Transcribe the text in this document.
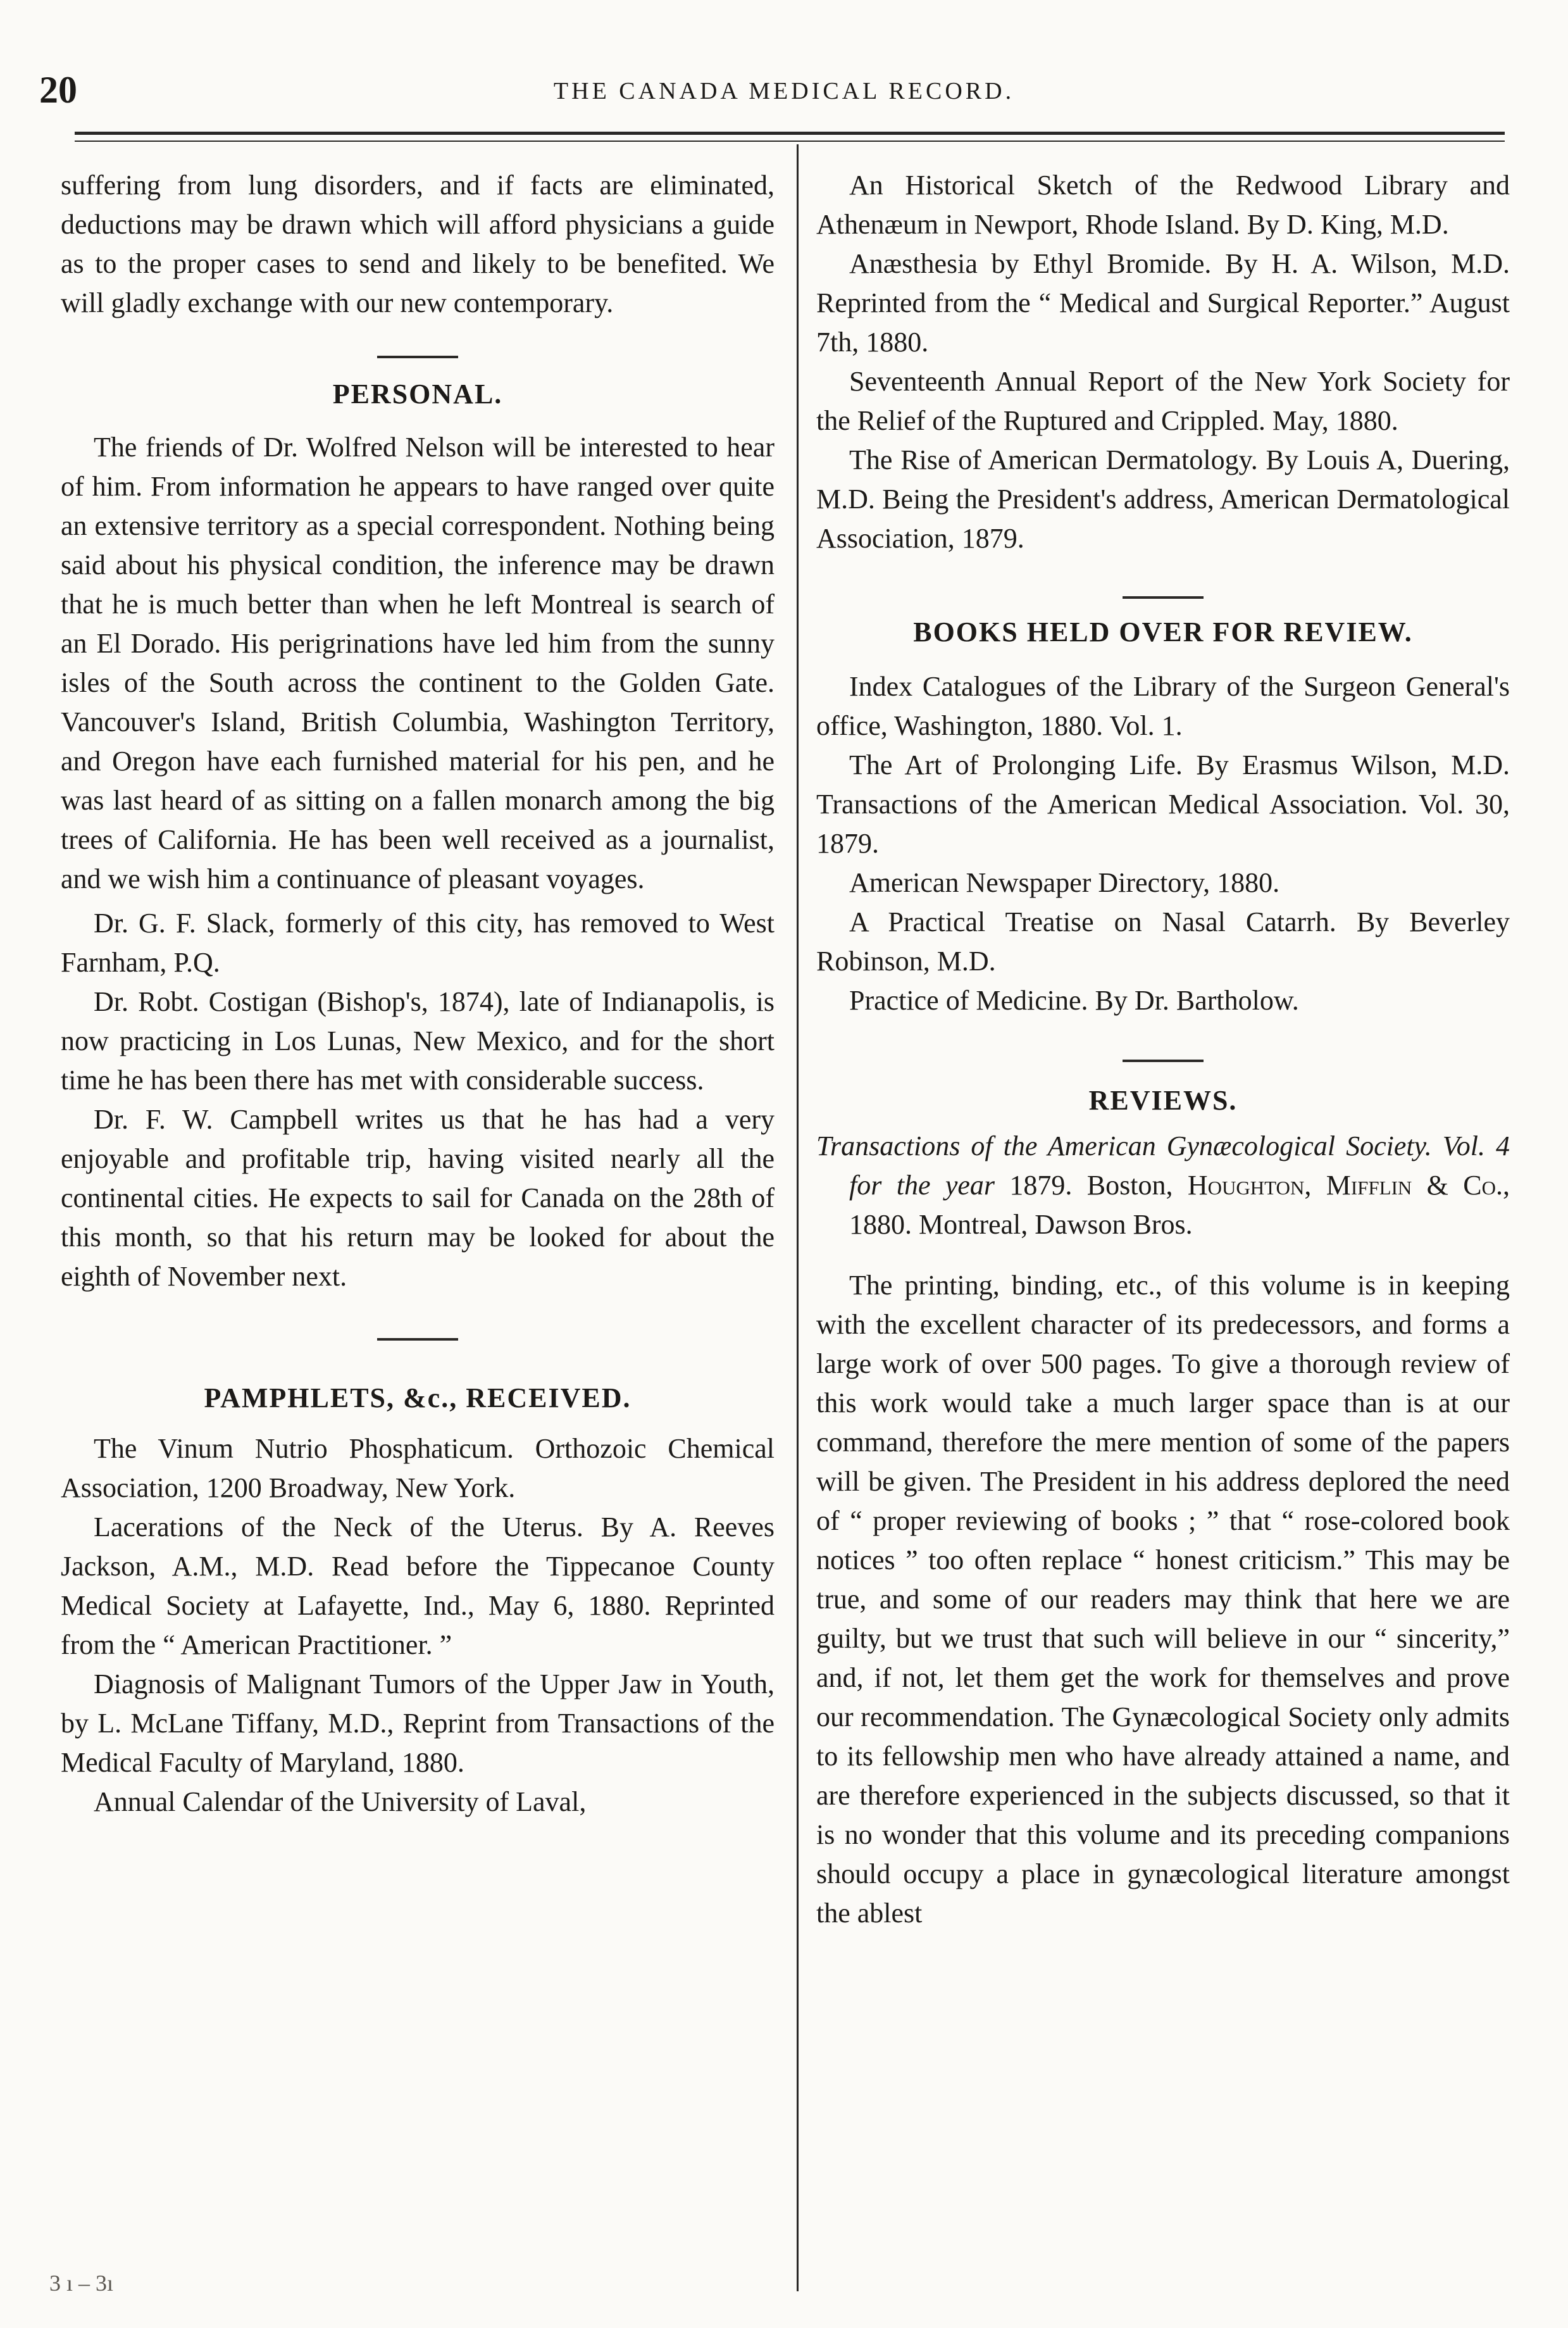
20	THE CANADA MEDICAL RECORD.

suffering from lung disorders, and if facts are eliminated, deductions may be drawn which will afford physicians a guide as to the proper cases to send and likely to be benefited. We will gladly exchange with our new contemporary.

PERSONAL.

The friends of Dr. Wolfred Nelson will be interested to hear of him. From information he appears to have ranged over quite an extensive territory as a special correspondent. Nothing being said about his physical condition, the inference may be drawn that he is much better than when he left Montreal is search of an El Dorado. His perigrinations have led him from the sunny isles of the South across the continent to the Golden Gate. Vancouver's Island, British Columbia, Washington Territory, and Oregon have each furnished material for his pen, and he was last heard of as sitting on a fallen monarch among the big trees of California. He has been well received as a journalist, and we wish him a continuance of pleasant voyages.

Dr. G. F. Slack, formerly of this city, has removed to West Farnham, P.Q.

Dr. Robt. Costigan (Bishop's, 1874), late of Indianapolis, is now practicing in Los Lunas, New Mexico, and for the short time he has been there has met with considerable success.

Dr. F. W. Campbell writes us that he has had a very enjoyable and profitable trip, having visited nearly all the continental cities. He expects to sail for Canada on the 28th of this month, so that his return may be looked for about the eighth of November next.

PAMPHLETS, &c., RECEIVED.

The Vinum Nutrio Phosphaticum. Orthozoic Chemical Association, 1200 Broadway, New York.

Lacerations of the Neck of the Uterus. By A. Reeves Jackson, A.M., M.D. Read before the Tippecanoe County Medical Society at Lafayette, Ind., May 6, 1880. Reprinted from the “ American Practitioner. ”

Diagnosis of Malignant Tumors of the Upper Jaw in Youth, by L. McLane Tiffany, M.D., Reprint from Transactions of the Medical Faculty of Maryland, 1880.

Annual Calendar of the University of Laval,

An Historical Sketch of the Redwood Library and Athenæum in Newport, Rhode Island. By D. King, M.D.

Anæsthesia by Ethyl Bromide. By H. A. Wilson, M.D. Reprinted from the “ Medical and Surgical Reporter.” August 7th, 1880.

Seventeenth Annual Report of the New York Society for the Relief of the Ruptured and Crippled. May, 1880.

The Rise of American Dermatology. By Louis A, Duering, M.D. Being the President's address, American Dermatological Association, 1879.

BOOKS HELD OVER FOR REVIEW.

Index Catalogues of the Library of the Surgeon General's office, Washington, 1880. Vol. 1.

The Art of Prolonging Life. By Erasmus Wilson, M.D. Transactions of the American Medical Association. Vol. 30, 1879.

American Newspaper Directory, 1880.

A Practical Treatise on Nasal Catarrh. By Beverley Robinson, M.D.

Practice of Medicine. By Dr. Bartholow.

REVIEWS.

Transactions of the American Gynæcological Society. Vol. 4 for the year 1879. Boston, Houghton, Mifflin & Co., 1880. Montreal, Dawson Bros.

The printing, binding, etc., of this volume is in keeping with the excellent character of its predecessors, and forms a large work of over 500 pages. To give a thorough review of this work would take a much larger space than is at our command, therefore the mere mention of some of the papers will be given. The President in his address deplored the need of “ proper reviewing of books ; ” that “ rose-colored book notices ” too often replace “ honest criticism.” This may be true, and some of our readers may think that here we are guilty, but we trust that such will believe in our “ sincerity,” and, if not, let them get the work for themselves and prove our recommendation. The Gynæcological Society only admits to its fellowship men who have already attained a name, and are therefore experienced in the subjects discussed, so that it is no wonder that this volume and its preceding companions should occupy a place in gynæcological literature amongst the ablest

3 ı – 3ı
